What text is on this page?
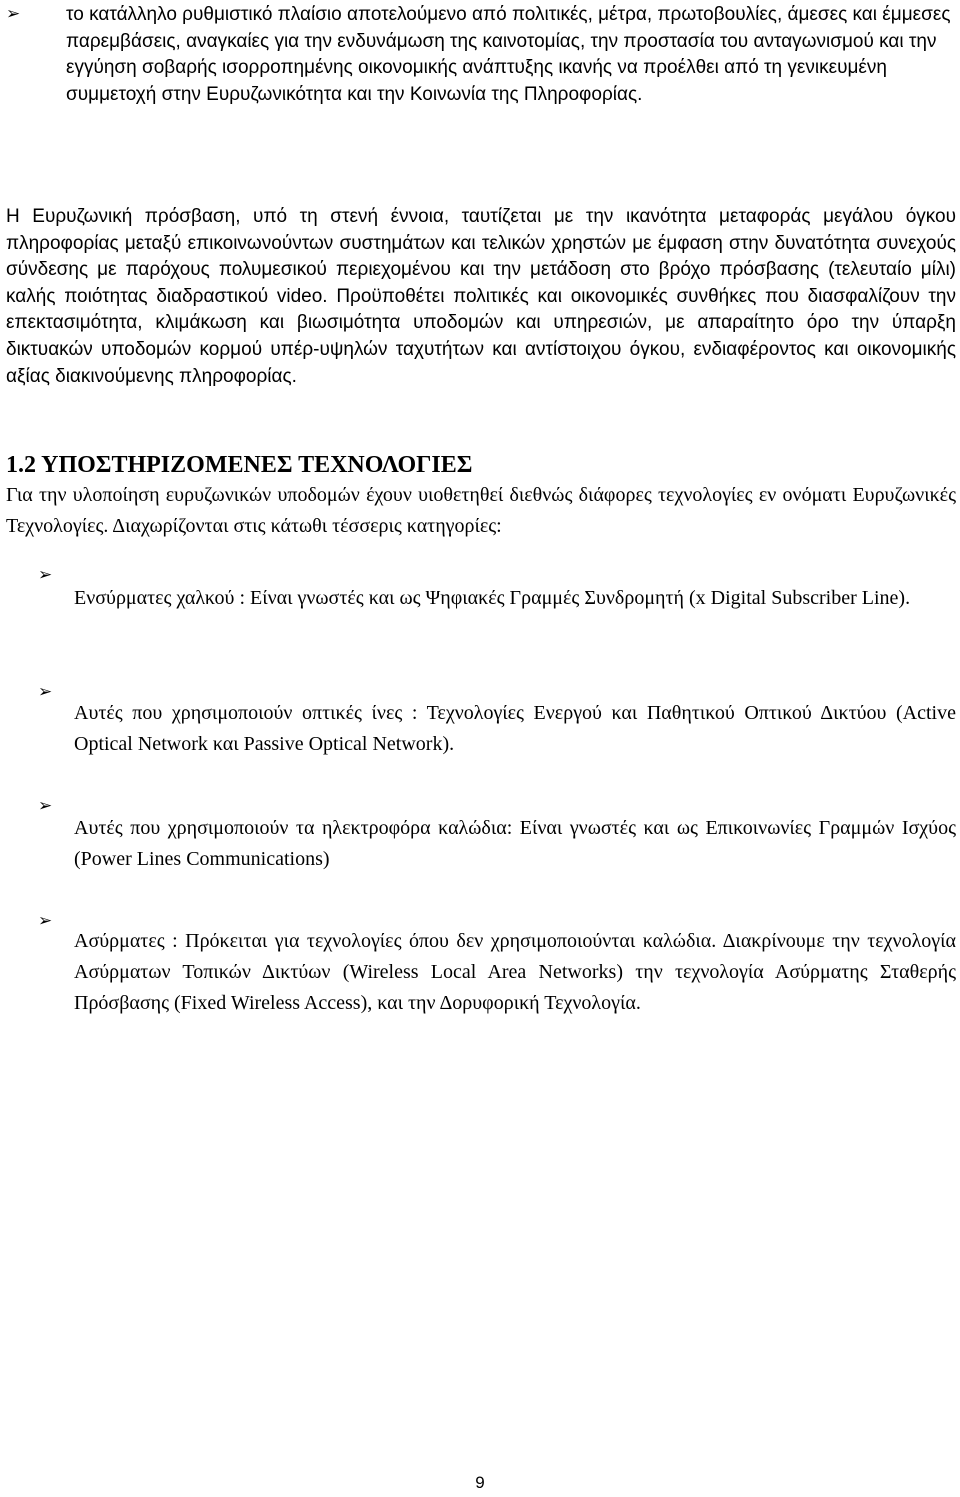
➢ το κατάλληλο ρυθμιστικό πλαίσιο αποτελούμενο από πολιτικές, μέτρα, πρωτοβουλίες, άμεσες και έμμεσες παρεμβάσεις, αναγκαίες για την ενδυνάμωση της καινοτομίας, την προστασία του ανταγωνισμού και την εγγύηση σοβαρής ισορροπημένης οικονομικής ανάπτυξης ικανής να προέλθει από τη γενικευμένη συμμετοχή στην Ευρυζωνικότητα και την Κοινωνία της Πληροφορίας.

Η Ευρυζωνική πρόσβαση, υπό τη στενή έννοια, ταυτίζεται με την ικανότητα μεταφοράς μεγάλου όγκου πληροφορίας μεταξύ επικοινωνούντων συστημάτων και τελικών χρηστών με έμφαση στην δυνατότητα συνεχούς σύνδεσης με παρόχους πολυμεσικού περιεχομένου και την μετάδοση στο βρόχο πρόσβασης (τελευταίο μίλι) καλής ποιότητας διαδραστικού video. Προϋποθέτει πολιτικές και οικονομικές συνθήκες που διασφαλίζουν την επεκτασιμότητα, κλιμάκωση και βιωσιμότητα υποδομών και υπηρεσιών, με απαραίτητο όρο την ύπαρξη δικτυακών υποδομών κορμού υπέρ-υψηλών ταχυτήτων και αντίστοιχου όγκου, ενδιαφέροντος και οικονομικής αξίας διακινούμενης πληροφορίας.

1.2 ΥΠΟΣΤΗΡΙΖΟΜΕΝΕΣ ΤΕΧΝΟΛΟΓΙΕΣ

Για την υλοποίηση ευρυζωνικών υποδομών έχουν υιοθετηθεί διεθνώς διάφορες τεχνολογίες εν ονόματι Ευρυζωνικές Τεχνολογίες. Διαχωρίζονται στις κάτωθι τέσσερις κατηγορίες:

➢

Ενσύρματες χαλκού : Είναι γνωστές και ως Ψηφιακές Γραμμές Συνδρομητή (x Digital Subscriber Line).

➢

Αυτές που χρησιμοποιούν οπτικές ίνες : Τεχνολογίες Ενεργού και Παθητικού Οπτικού Δικτύου (Active Optical Network και Passive Optical Network).

➢

Αυτές που χρησιμοποιούν τα ηλεκτροφόρα καλώδια: Είναι γνωστές και ως Επικοινωνίες Γραμμών Ισχύος (Power Lines Communications)

➢

Ασύρματες : Πρόκειται για τεχνολογίες όπου δεν χρησιμοποιούνται καλώδια. Διακρίνουμε την τεχνολογία Ασύρματων Τοπικών Δικτύων (Wireless Local Area Networks) την τεχνολογία Ασύρματης Σταθερής Πρόσβασης (Fixed Wireless Access), και την Δορυφορική Τεχνολογία.

9
